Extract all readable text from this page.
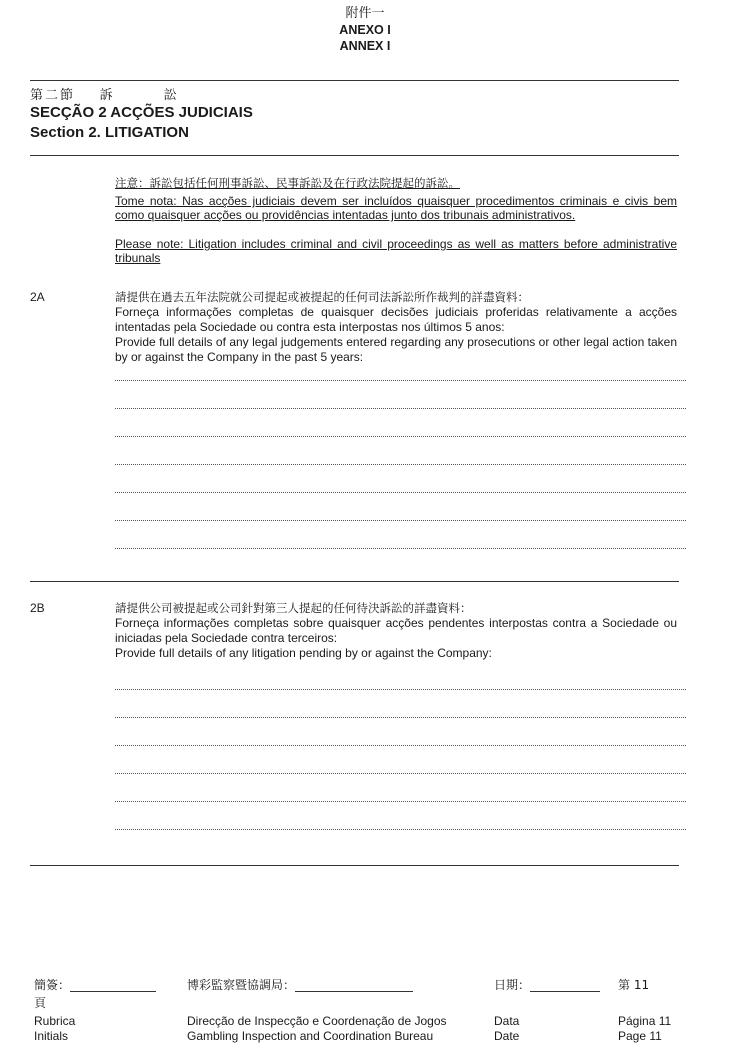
附件一
ANEXO I
ANNEX I
第二節    訴        訟
SECÇÃO 2 ACÇÕES JUDICIAIS
Section 2. LITIGATION
注意：訴訟包括任何刑事訴訟、民事訴訟及在行政法院提起的訴訟。
Tome nota: Nas acções judiciais devem ser incluídos quaisquer procedimentos criminais e civis bem como quaisquer acções ou providências intentadas junto dos tribunais administrativos.
Please note: Litigation includes criminal and civil proceedings as well as matters before administrative tribunals
2A	請提供在過去五年法院就公司提起或被提起的任何司法訴訟所作裁判的詳盡資料：
Forneça informações completas de quaisquer decisões judiciais proferidas relativamente a acções intentadas pela Sociedade ou contra esta interpostas nos últimos 5 anos:
Provide full details of any legal judgements entered regarding any prosecutions or other legal action taken by or against the Company in the past 5 years:
2B	請提供公司被提起或公司針對第三人提起的任何待決訴訟的詳盡資料：
Forneça informações completas sobre quaisquer acções pendentes interpostas contra a Sociedade ou iniciadas pela Sociedade contra terceiros:
Provide full details of any litigation pending by or against the Company:
簡簽：
頁
Rubrica
Initials
博彩監察暨協調局：
Direcção de Inspecção e Coordenação de Jogos
Gambling Inspection and Coordination Bureau
日期：
Data
Date
第 11
Página 11
Page 11
